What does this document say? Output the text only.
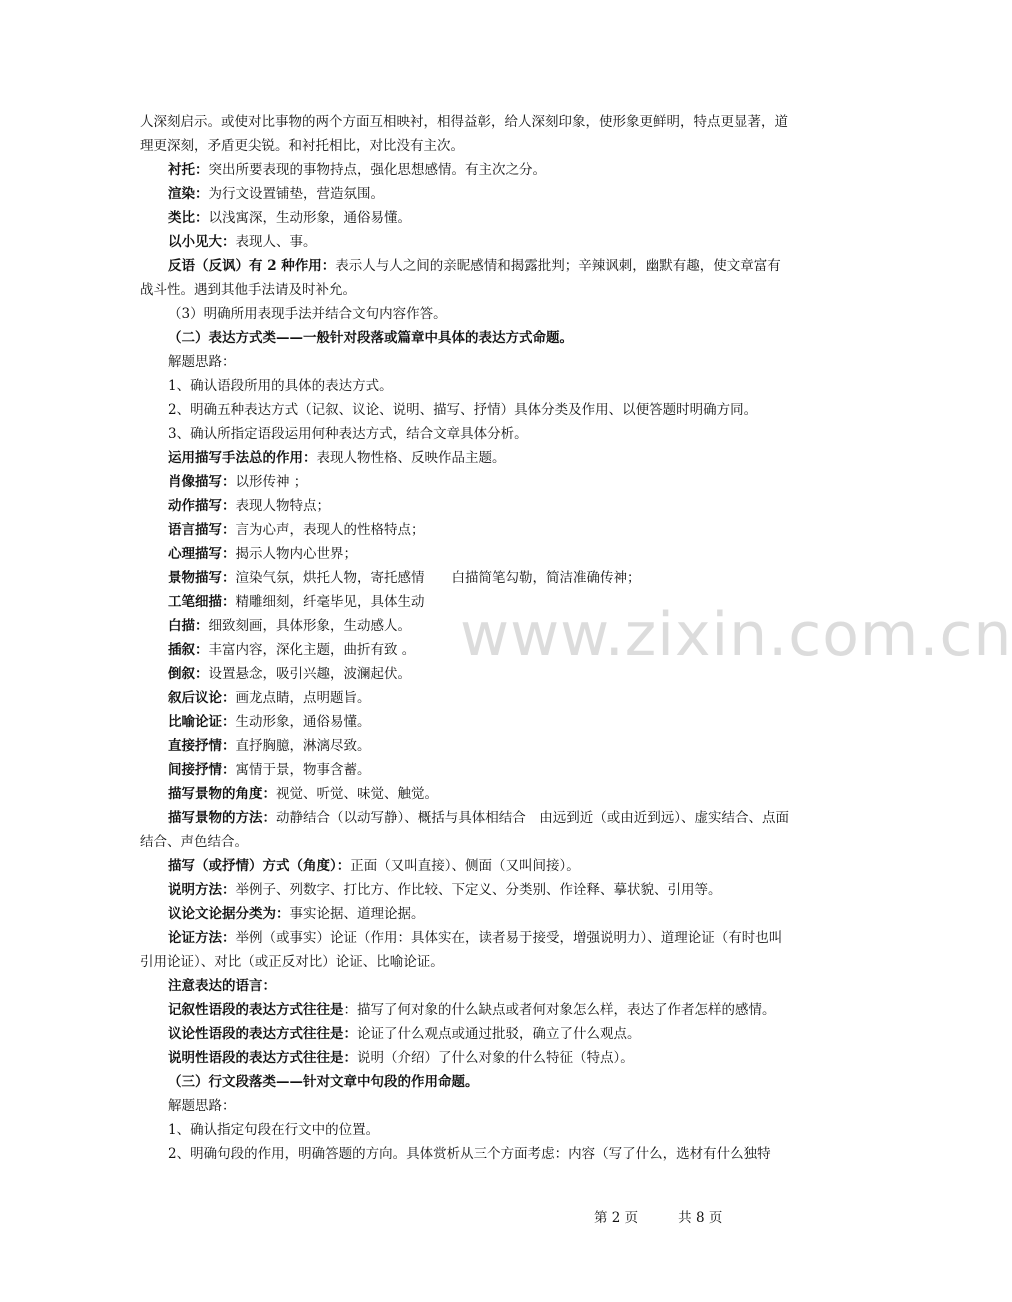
www.zixin.com.cn

人深刻启示。或使对比事物的两个方面互相映衬，相得益彰，给人深刻印象，使形象更鲜明，特点更显著，道理更深刻，矛盾更尖锐。和衬托相比，对比没有主次。

衬托：突出所要表现的事物持点，强化思想感情。有主次之分。

渲染：为行文设置铺垫，营造氛围。

类比：以浅寓深，生动形象，通俗易懂。

以小见大：表现人、事。

反语（反讽）有 2 种作用：表示人与人之间的亲昵感情和揭露批判；辛辣讽刺，幽默有趣，使文章富有战斗性。遇到其他手法请及时补允。

（3）明确所用表现手法并结合文句内容作答。

（二）表达方式类——一般针对段落或篇章中具体的表达方式命题。

解题思路：

1、确认语段所用的具体的表达方式。

2、明确五种表达方式（记叙、议论、说明、描写、抒情）具体分类及作用、以便答题时明确方同。

3、确认所指定语段运用何种表达方式，结合文章具体分析。

运用描写手法总的作用：表现人物性格、反映作品主题。

肖像描写：以形传神 ；

动作描写：表现人物特点；

语言描写：言为心声，表现人的性格特点；

心理描写：揭示人物内心世界；

景物描写：渲染气氛，烘托人物，寄托感情　　白描简笔勾勒，简洁准确传神；

工笔细描：精雕细刻，纤毫毕见，具体生动

白描：细致刻画，具体形象，生动感人。

插叙：丰富内容，深化主题，曲折有致 。

倒叙：设置悬念，吸引兴趣，波澜起伏。

叙后议论：画龙点睛，点明题旨。

比喻论证：生动形象，通俗易懂。

直接抒情：直抒胸臆，淋漓尽致。

间接抒情：寓情于景，物事含蓄。

描写景物的角度：视觉、听觉、味觉、触觉。

描写景物的方法：动静结合（以动写静）、概括与具体相结合　由远到近（或由近到远）、虚实结合、点面结合、声色结合。

描写（或抒情）方式（角度）：正面（又叫直接）、侧面（又叫间接）。

说明方法：举例子、列数字、打比方、作比较、下定义、分类别、作诠释、摹状貌、引用等。

议论文论据分类为：事实论据、道理论据。

论证方法：举例（或事实）论证（作用：具体实在，读者易于接受，增强说明力）、道理论证（有时也叫引用论证）、对比（或正反对比）论证、比喻论证。

注意表达的语言：

记叙性语段的表达方式往往是：描写了何对象的什么缺点或者何对象怎么样，表达了作者怎样的感情。

议论性语段的表达方式往往是：论证了什么观点或通过批驳，确立了什么观点。

说明性语段的表达方式往往是：说明（介绍）了什么对象的什么特征（特点）。

（三）行文段落类——针对文章中句段的作用命题。

解题思路：

1、确认指定句段在行文中的位置。

2、明确句段的作用，明确答题的方向。具体赏析从三个方面考虑：内容（写了什么，选材有什么独特

第 2 页	共 8 页
